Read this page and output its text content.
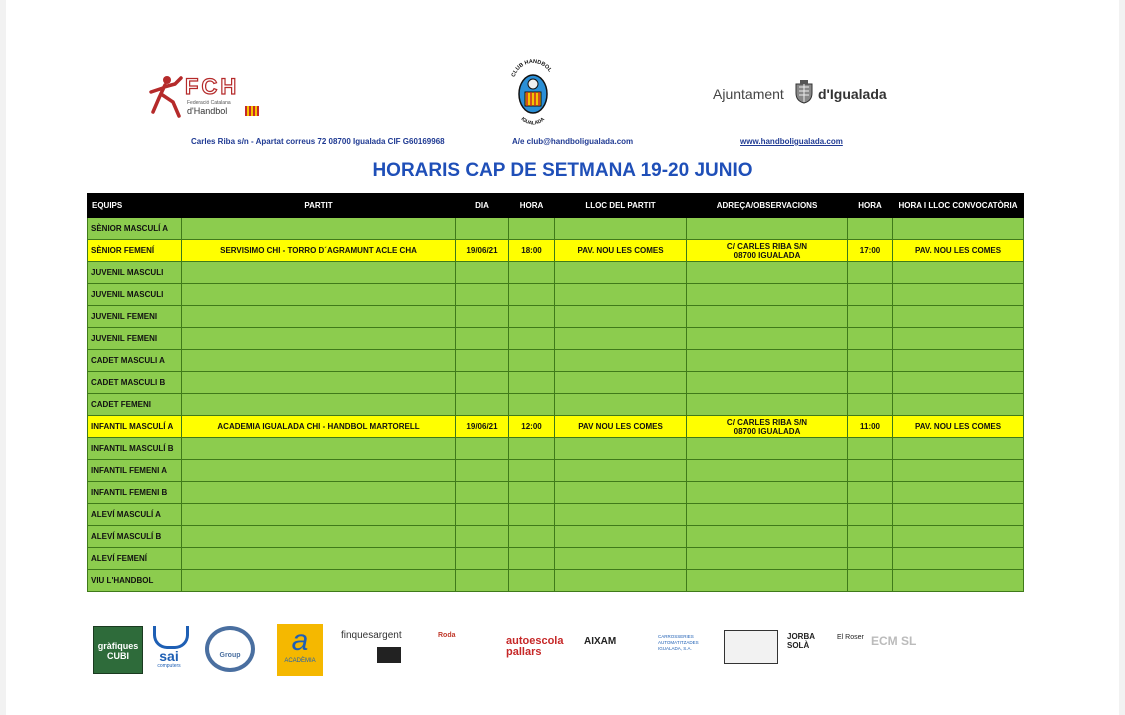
FCH
Federació Catalana
d'Handbol
CLUB HANDBOL
IGUALADA
Ajuntament d'Igualada
Carles Riba s/n - Apartat correus 72 08700 Igualada CIF G60169968	A/e club@handboligualada.com	www.handboligualada.com
HORARIS CAP DE SETMANA 19-20 JUNIO
EQUIPS	PARTIT	DIA	HORA	LLOC DEL PARTIT	ADREÇA/OBSERVACIONS	HORA	HORA I LLOC CONVOCATÒRIA
SÈNIOR MASCULÍ A					

SÈNIOR FEMENÍ	SERVISIMO CHI - TORRO D´AGRAMUNT ACLE CHA	19/06/21	18:00	PAV. NOU LES COMES	C/ CARLES RIBA S/N
08700 IGUALADA	17:00	PAV. NOU LES COMES
JUVENIL MASCULI					

JUVENIL MASCULI					

JUVENIL FEMENI					

JUVENIL FEMENI					

CADET MASCULI A					

CADET MASCULI B					

CADET FEMENI					

INFANTIL MASCULÍ A	ACADEMIA IGUALADA CHI - HANDBOL MARTORELL	19/06/21	12:00	PAV NOU LES COMES	C/ CARLES RIBA S/N
08700 IGUALADA	11:00	PAV. NOU LES COMES
INFANTIL MASCULÍ B					

INFANTIL FEMENI A					

INFANTIL FEMENI B					

ALEVÍ MASCULÍ A					

ALEVÍ MASCULÍ B					

ALEVÍ FEMENÍ					

VIU L'HANDBOL					

gràfiques CUBI	sai
computers
Group	a
ACADÈMIA
finquesargent	Roda	autoescola pallars
AIXAM	CARROSSERIES AUTOMATITZADES IGUALADA, S.A.
JORBA SOLÀ
El Roser ECM SL
